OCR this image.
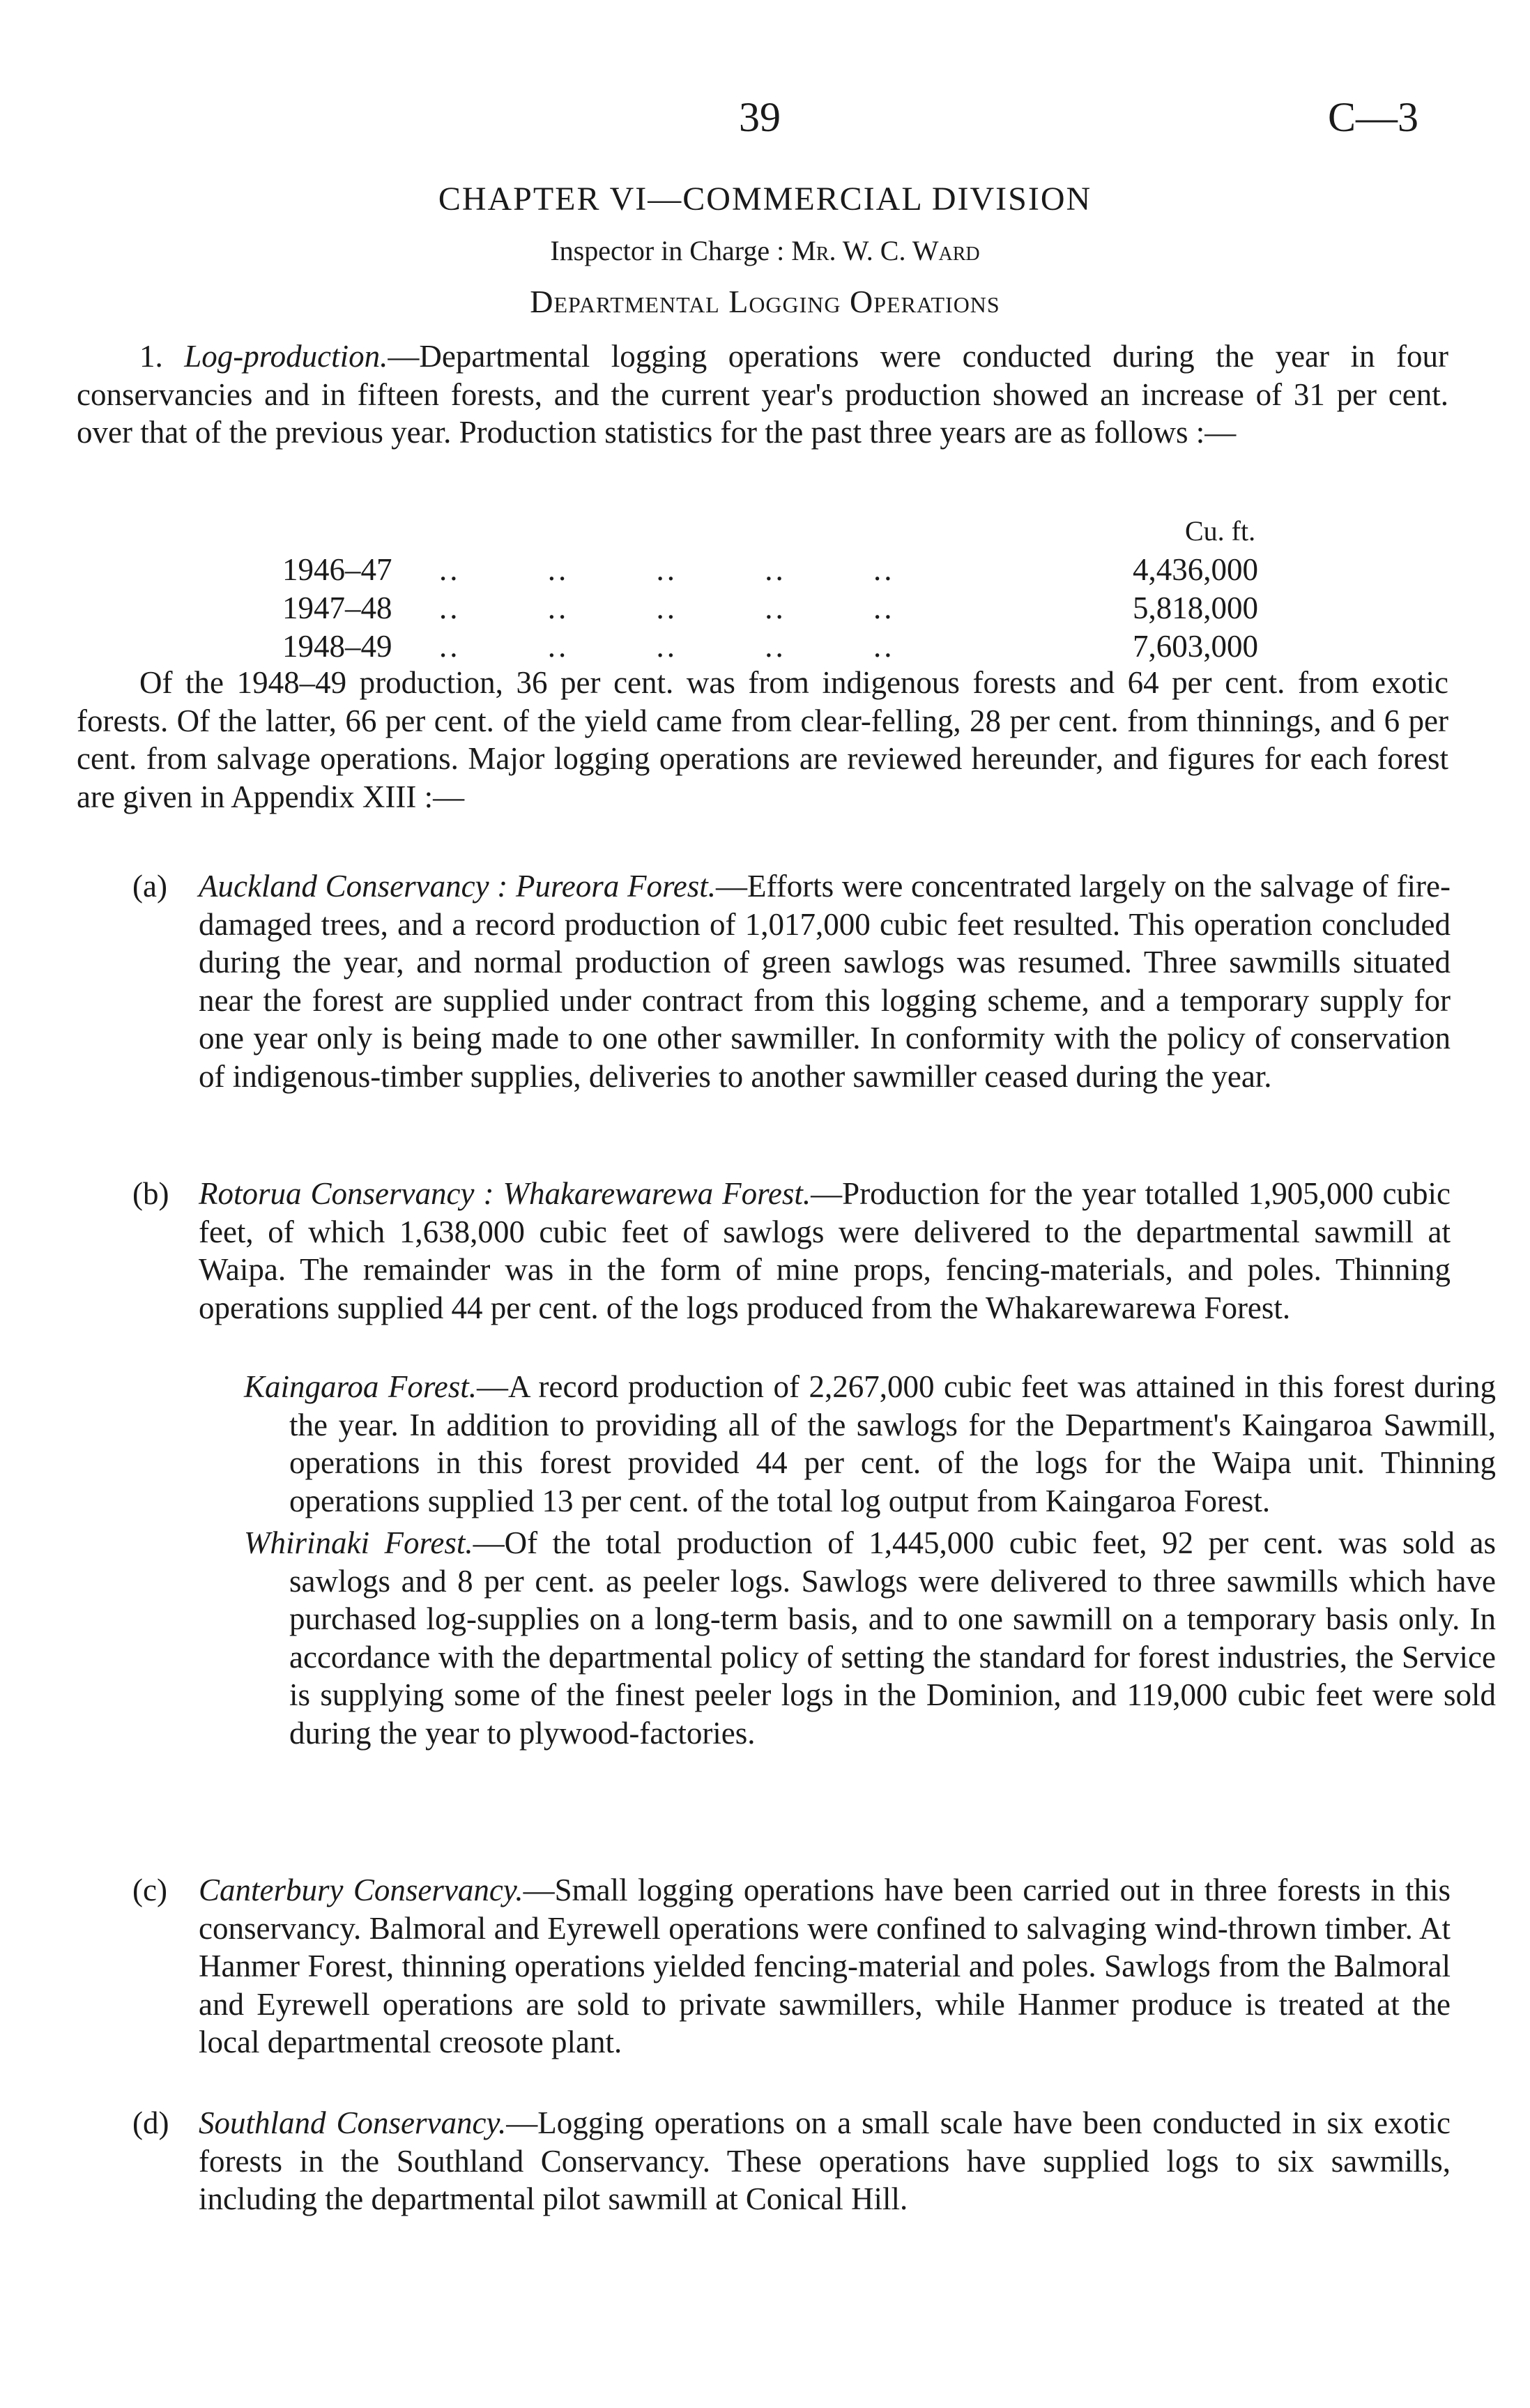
39	C—3
CHAPTER VI—COMMERCIAL DIVISION
Inspector in Charge : Mr. W. C. Ward
Departmental Logging Operations

1. Log-production.—Departmental logging operations were conducted during the year in four conservancies and in fifteen forests, and the current year's production showed an increase of 31 per cent. over that of the previous year. Production statistics for the past three years are as follows :—

Cu. ft.
1946–47 .. .. .. .. ..	4,436,000
1947–48 .. .. .. .. ..	5,818,000
1948–49 .. .. .. .. ..	7,603,000

Of the 1948–49 production, 36 per cent. was from indigenous forests and 64 per cent. from exotic forests. Of the latter, 66 per cent. of the yield came from clear-felling, 28 per cent. from thinnings, and 6 per cent. from salvage operations. Major logging operations are reviewed hereunder, and figures for each forest are given in Appendix XIII :—

(a) Auckland Conservancy : Pureora Forest.—Efforts were concentrated largely on the salvage of fire-damaged trees, and a record production of 1,017,000 cubic feet resulted. This operation concluded during the year, and normal production of green sawlogs was resumed. Three sawmills situated near the forest are supplied under contract from this logging scheme, and a temporary supply for one year only is being made to one other sawmiller. In conformity with the policy of conservation of indigenous-timber supplies, deliveries to another sawmiller ceased during the year.

(b) Rotorua Conservancy : Whakarewarewa Forest.—Production for the year totalled 1,905,000 cubic feet, of which 1,638,000 cubic feet of sawlogs were delivered to the departmental sawmill at Waipa. The remainder was in the form of mine props, fencing-materials, and poles. Thinning operations supplied 44 per cent. of the logs produced from the Whakarewarewa Forest.

Kaingaroa Forest.—A record production of 2,267,000 cubic feet was attained in this forest during the year. In addition to providing all of the sawlogs for the Department's Kaingaroa Sawmill, operations in this forest provided 44 per cent. of the logs for the Waipa unit. Thinning operations supplied 13 per cent. of the total log output from Kaingaroa Forest.

Whirinaki Forest.—Of the total production of 1,445,000 cubic feet, 92 per cent. was sold as sawlogs and 8 per cent. as peeler logs. Sawlogs were delivered to three sawmills which have purchased log-supplies on a long-term basis, and to one sawmill on a temporary basis only. In accordance with the departmental policy of setting the standard for forest industries, the Service is supplying some of the finest peeler logs in the Dominion, and 119,000 cubic feet were sold during the year to plywood-factories.

(c) Canterbury Conservancy.—Small logging operations have been carried out in three forests in this conservancy. Balmoral and Eyrewell operations were confined to salvaging wind-thrown timber. At Hanmer Forest, thinning operations yielded fencing-material and poles. Sawlogs from the Balmoral and Eyrewell operations are sold to private sawmillers, while Hanmer produce is treated at the local departmental creosote plant.

(d) Southland Conservancy.—Logging operations on a small scale have been conducted in six exotic forests in the Southland Conservancy. These operations have supplied logs to six sawmills, including the departmental pilot sawmill at Conical Hill.
